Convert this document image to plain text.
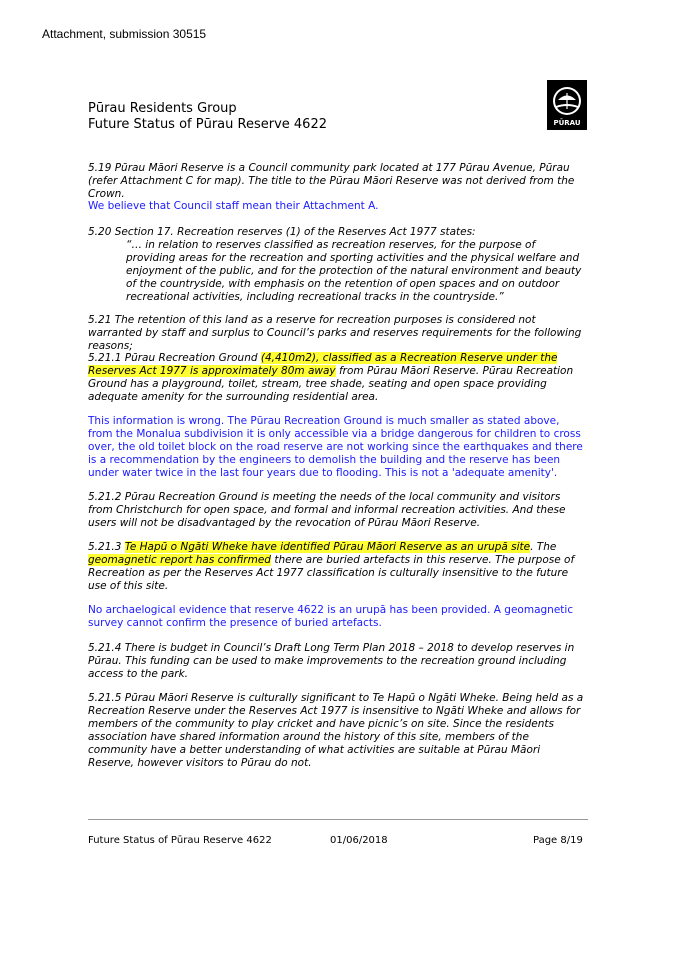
Attachment, submission 30515
Pūrau Residents Group
Future Status of Pūrau Reserve 4622	PŪRAU

5.19 Pūrau Māori Reserve is a Council community park located at 177 Pūrau Avenue, Pūrau (refer Attachment C for map). The title to the Pūrau Māori Reserve was not derived from the Crown.

We believe that Council staff mean their Attachment A.

5.20 Section 17. Recreation reserves (1) of the Reserves Act 1977 states:
“… in relation to reserves classified as recreation reserves, for the purpose of providing areas for the recreation and sporting activities and the physical welfare and enjoyment of the public, and for the protection of the natural environment and beauty of the countryside, with emphasis on the retention of open spaces and on outdoor recreational activities, including recreational tracks in the countryside.”

5.21 The retention of this land as a reserve for recreation purposes is considered not warranted by staff and surplus to Council’s parks and reserves requirements for the following reasons;

5.21.1 Pūrau Recreation Ground (4,410m2), classified as a Recreation Reserve under the Reserves Act 1977 is approximately 80m away from Pūrau Māori Reserve. Pūrau Recreation Ground has a playground, toilet, stream, tree shade, seating and open space providing adequate amenity for the surrounding residential area.

This information is wrong. The Pūrau Recreation Ground is much smaller as stated above, from the Monalua subdivision it is only accessible via a bridge dangerous for children to cross over, the old toilet block on the road reserve are not working since the earthquakes and there is a recommendation by the engineers to demolish the building and the reserve has been under water twice in the last four years due to flooding. This is not a 'adequate amenity'.

5.21.2 Pūrau Recreation Ground is meeting the needs of the local community and visitors from Christchurch for open space, and formal and informal recreation activities. And these users will not be disadvantaged by the revocation of Pūrau Māori Reserve.

5.21.3 Te Hapū o Ngāti Wheke have identified Pūrau Māori Reserve as an urupā site. The geomagnetic report has confirmed there are buried artefacts in this reserve. The purpose of Recreation as per the Reserves Act 1977 classification is culturally insensitive to the future use of this site.

No archaelogical evidence that reserve 4622 is an urupā has been provided. A geomagnetic survey cannot confirm the presence of buried artefacts.

5.21.4 There is budget in Council’s Draft Long Term Plan 2018 – 2018 to develop reserves in Pūrau. This funding can be used to make improvements to the recreation ground including access to the park.

5.21.5 Pūrau Māori Reserve is culturally significant to Te Hapū o Ngāti Wheke. Being held as a Recreation Reserve under the Reserves Act 1977 is insensitive to Ngāti Wheke and allows for members of the community to play cricket and have picnic’s on site. Since the residents association have shared information around the history of this site, members of the community have a better understanding of what activities are suitable at Pūrau Māori Reserve, however visitors to Pūrau do not.

Future Status of Pūrau Reserve 4622	01/06/2018	Page 8/19
